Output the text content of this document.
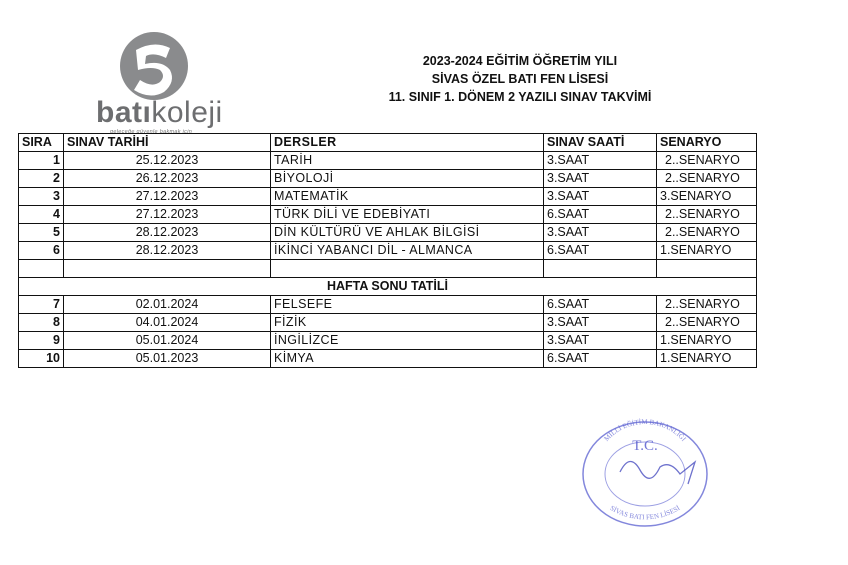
batıkoleji
geleceğe güvenle bakmak için
2023-2024 EĞİTİM ÖĞRETİM YILI
SİVAS ÖZEL BATI FEN LİSESİ
11. SINIF 1. DÖNEM 2 YAZILI SINAV TAKVİMİ
SIRA	SINAV TARİHİ	DERSLER	SINAV SAATİ	SENARYO
1	25.12.2023	TARİH	3.SAAT	2..SENARYO
2	26.12.2023	BİYOLOJİ	3.SAAT	2..SENARYO
3	27.12.2023	MATEMATİK	3.SAAT	3.SENARYO
4	27.12.2023	TÜRK DİLİ VE EDEBİYATI	6.SAAT	2..SENARYO
5	28.12.2023	DİN KÜLTÜRÜ VE AHLAK BİLGİSİ	3.SAAT	2..SENARYO
6	28.12.2023	İKİNCİ YABANCI DİL - ALMANCA	6.SAAT	1.SENARYO

HAFTA SONU TATİLİ				
7	02.01.2024	FELSEFE	6.SAAT	2..SENARYO
8	04.01.2024	FİZİK	3.SAAT	2..SENARYO
9	05.01.2024	İNGİLİZCE	3.SAAT	1.SENARYO
10	05.01.2023	KİMYA	6.SAAT	1.SENARYO
T.C.
MİLLİ EĞİTİM BAKANLIĞI
SİVAS BATI FEN LİSESİ
